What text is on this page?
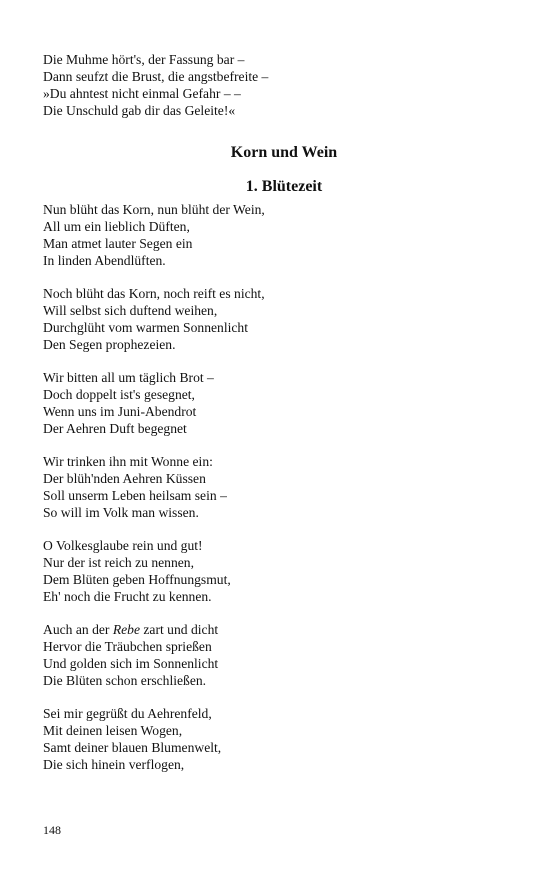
Die Muhme hört's, der Fassung bar –
Dann seufzt die Brust, die angstbefreite –
»Du ahntest nicht einmal Gefahr – –
Die Unschuld gab dir das Geleite!«
Korn und Wein
1. Blütezeit
Nun blüht das Korn, nun blüht der Wein,
All um ein lieblich Düften,
Man atmet lauter Segen ein
In linden Abendlüften.
Noch blüht das Korn, noch reift es nicht,
Will selbst sich duftend weihen,
Durchglüht vom warmen Sonnenlicht
Den Segen prophezeien.
Wir bitten all um täglich Brot –
Doch doppelt ist's gesegnet,
Wenn uns im Juni-Abendrot
Der Aehren Duft begegnet
Wir trinken ihn mit Wonne ein:
Der blüh'nden Aehren Küssen
Soll unserm Leben heilsam sein –
So will im Volk man wissen.
O Volkesglaube rein und gut!
Nur der ist reich zu nennen,
Dem Blüten geben Hoffnungsmut,
Eh' noch die Frucht zu kennen.
Auch an der Rebe zart und dicht
Hervor die Träubchen sprießen
Und golden sich im Sonnenlicht
Die Blüten schon erschließen.
Sei mir gegrüßt du Aehrenfeld,
Mit deinen leisen Wogen,
Samt deiner blauen Blumenwelt,
Die sich hinein verflogen,
148
